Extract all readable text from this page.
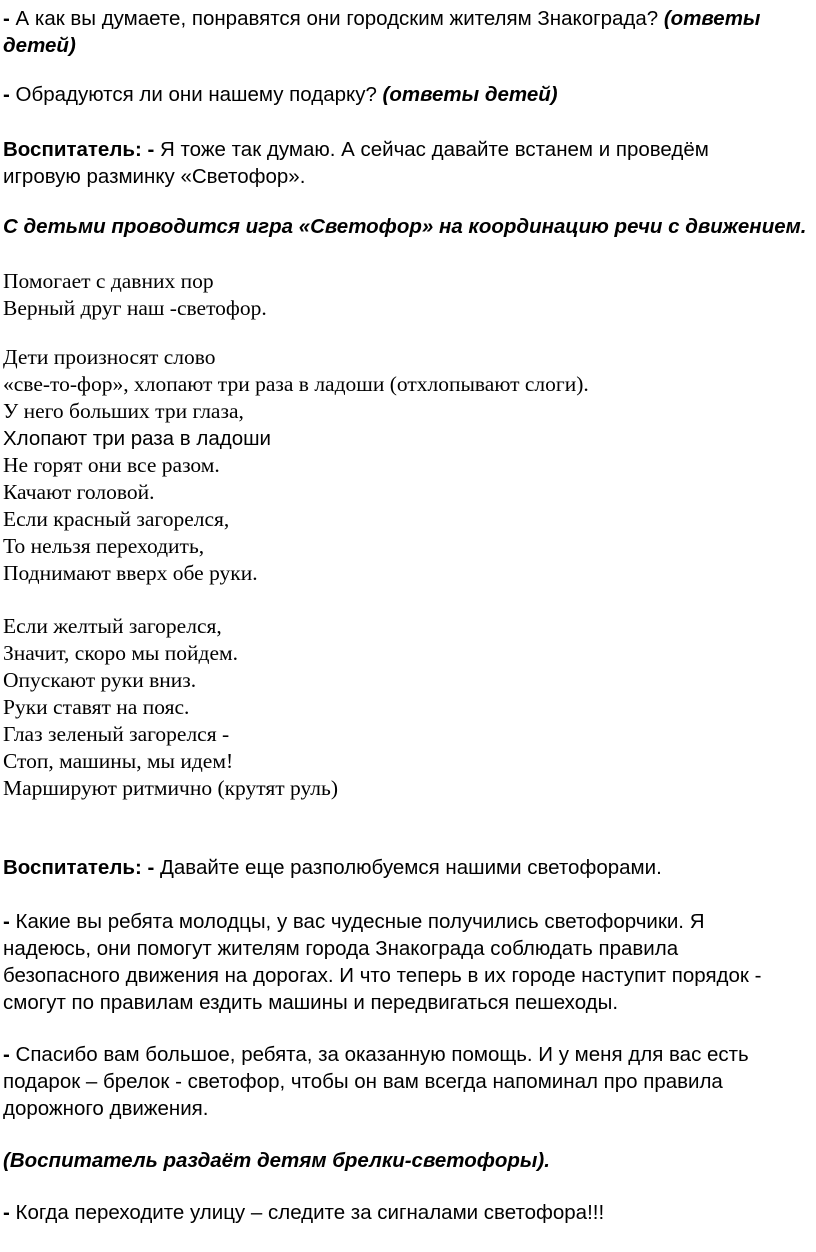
- А как вы думаете, понравятся они городским жителям Знакограда? (ответы

детей)

- Обрадуются ли они нашему подарку? (ответы детей)

Воспитатель: - Я тоже так думаю. А сейчас давайте встанем и проведём

игровую разминку «Светофор».

С детьми проводится игра «Светофор» на координацию речи с движением.

Помогает с давних пор

Верный друг наш -светофор.

Дети произносят слово

«све-то-фор», хлопают три раза в ладоши (отхлопывают слоги).

У него больших три глаза,

Хлопают три раза в ладоши

Не горят они все разом.

Качают головой.

Если красный загорелся,

То нельзя переходить,

Поднимают вверх обе руки.

Если желтый загорелся,

Значит, скоро мы пойдем.

Опускают руки вниз.

Руки ставят на пояс.

Глаз зеленый загорелся -

Стоп, машины, мы идем!

Маршируют ритмично (крутят руль)

Воспитатель: - Давайте еще разполюбуемся нашими светофорами.

- Какие вы ребята молодцы, у вас чудесные получились светофорчики. Я

надеюсь, они помогут жителям города Знакограда соблюдать правила

безопасного движения на дорогах. И что теперь в их городе наступит порядок -

смогут по правилам ездить машины и передвигаться пешеходы.

- Спасибо вам большое, ребята, за оказанную помощь. И у меня для вас есть

подарок – брелок - светофор, чтобы он вам всегда напоминал про правила

дорожного движения.

(Воспитатель раздаёт детям брелки-светофоры).

- Когда переходите улицу – следите за сигналами светофора!!!
